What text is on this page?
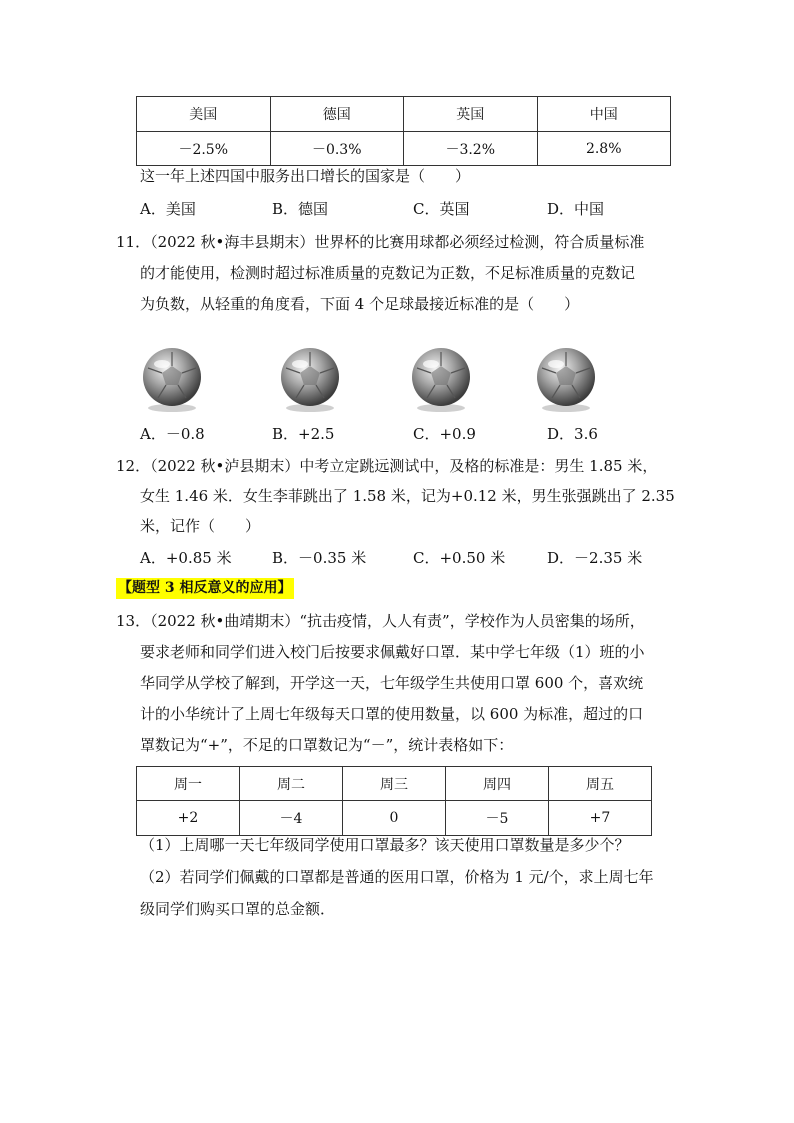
美国	德国	英国	中国
－2.5%	－0.3%	－3.2%	2.8%
这一年上述四国中服务出口增长的国家是（　　）
A．美国	B．德国	C．英国	D．中国
11．（2022 秋•海丰县期末）世界杯的比赛用球都必须经过检测，符合质量标准
的才能使用，检测时超过标准质量的克数记为正数，不足标准质量的克数记
为负数，从轻重的角度看，下面 4 个足球最接近标准的是（　　）
A．－0.8	B．+2.5	C．+0.9	D．3.6
12．（2022 秋•泸县期末）中考立定跳远测试中，及格的标准是：男生 1.85 米，
女生 1.46 米．女生李菲跳出了 1.58 米，记为+0.12 米，男生张强跳出了 2.35
米，记作（　　）
A．+0.85 米	B．－0.35 米	C．+0.50 米	D．－2.35 米
【题型 3 相反意义的应用】
13．（2022 秋•曲靖期末）“抗击疫情，人人有责”，学校作为人员密集的场所，
要求老师和同学们进入校门后按要求佩戴好口罩．某中学七年级（1）班的小
华同学从学校了解到，开学这一天，七年级学生共使用口罩 600 个，喜欢统
计的小华统计了上周七年级每天口罩的使用数量，以 600 为标准，超过的口
罩数记为“+”，不足的口罩数记为“－”，统计表格如下：
周一	周二	周三	周四	周五
+2	－4	0	－5	+7
（1）上周哪一天七年级同学使用口罩最多？该天使用口罩数量是多少个？
（2）若同学们佩戴的口罩都是普通的医用口罩，价格为 1 元/个，求上周七年
级同学们购买口罩的总金额．
